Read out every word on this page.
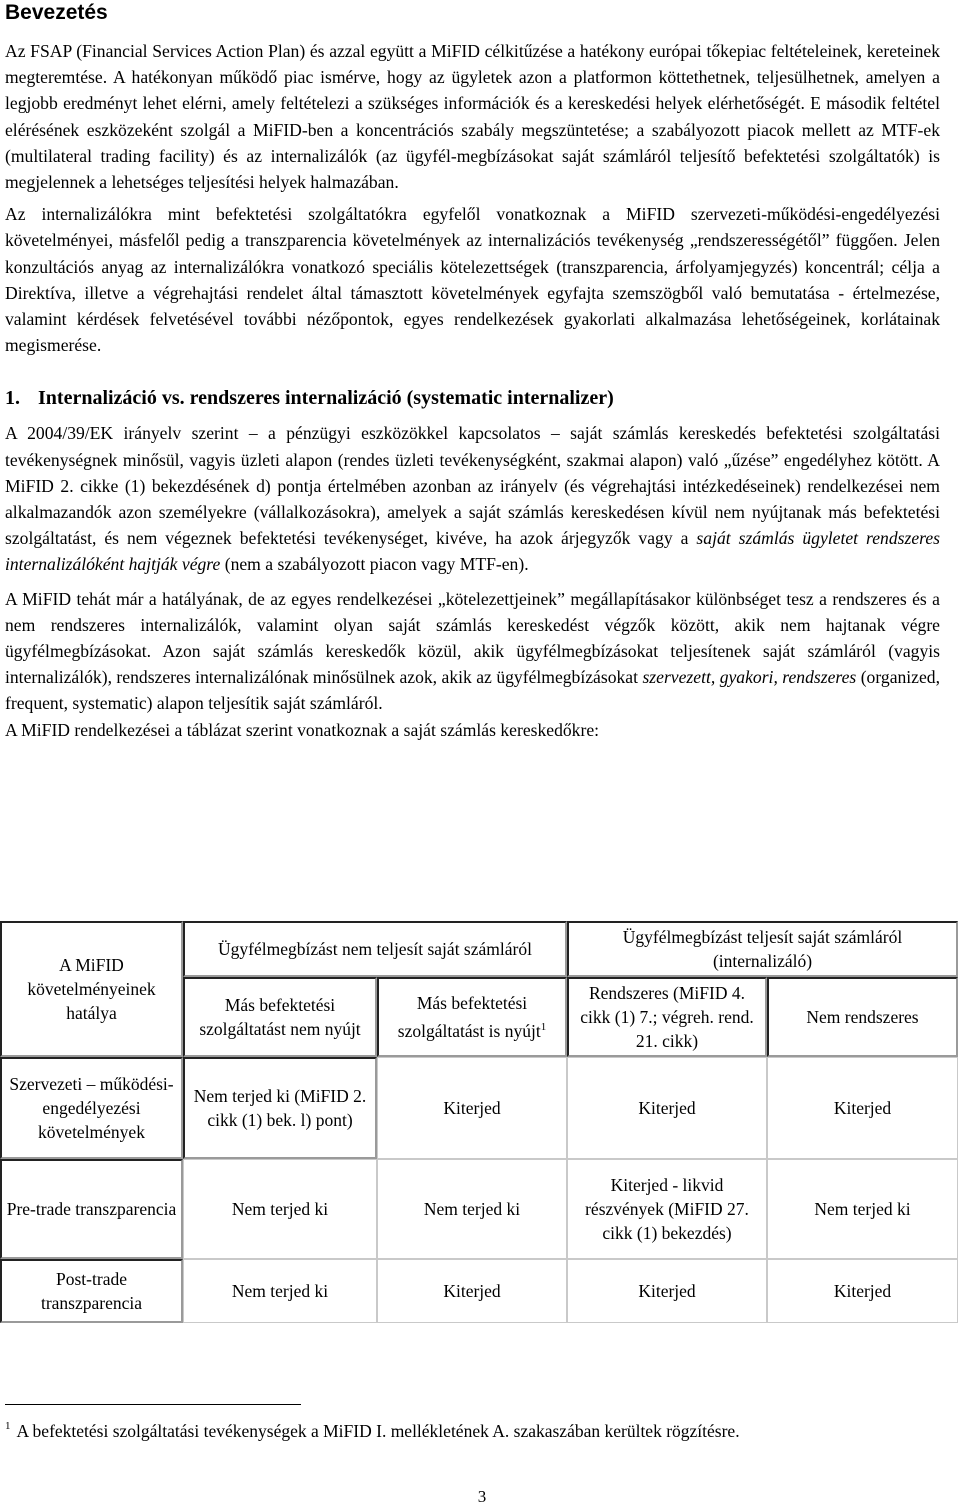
Bevezetés

Az FSAP (Financial Services Action Plan) és azzal együtt a MiFID célkitűzése a hatékony európai tőkepiac feltételeinek, kereteinek megteremtése. A hatékonyan működő piac ismérve, hogy az ügyletek azon a platformon köttethetnek, teljesülhetnek, amelyen a legjobb eredményt lehet elérni, amely feltételezi a szükséges információk és a kereskedési helyek elérhetőségét. E második feltétel elérésének eszközeként szolgál a MiFID-ben a koncentrációs szabály megszüntetése; a szabályozott piacok mellett az MTF-ek (multilateral trading facility) és az internalizálók (az ügyfél-megbízásokat saját számláról teljesítő befektetési szolgáltatók) is megjelennek a lehetséges teljesítési helyek halmazában.

Az internalizálókra mint befektetési szolgáltatókra egyfelől vonatkoznak a MiFID szervezeti-működési-engedélyezési követelményei, másfelől pedig a transzparencia követelmények az internalizációs tevékenység „rendszerességétől” függően. Jelen konzultációs anyag az internalizálókra vonatkozó speciális kötelezettségek (transzparencia, árfolyamjegyzés) koncentrál; célja a Direktíva, illetve a végrehajtási rendelet által támasztott követelmények egyfajta szemszögből való bemutatása - értelmezése, valamint kérdések felvetésével további nézőpontok, egyes rendelkezések gyakorlati alkalmazása lehetőségeinek, korlátainak megismerése.

1. Internalizáció vs. rendszeres internalizáció (systematic internalizer)

A 2004/39/EK irányelv szerint – a pénzügyi eszközökkel kapcsolatos – saját számlás kereskedés befektetési szolgáltatási tevékenységnek minősül, vagyis üzleti alapon (rendes üzleti tevékenységként, szakmai alapon) való „űzése” engedélyhez kötött. A MiFID 2. cikke (1) bekezdésének d) pontja értelmében azonban az irányelv (és végrehajtási intézkedéseinek) rendelkezései nem alkalmazandók azon személyekre (vállalkozásokra), amelyek a saját számlás kereskedésen kívül nem nyújtanak más befektetési szolgáltatást, és nem végeznek befektetési tevékenységet, kivéve, ha azok árjegyzők vagy a saját számlás ügyletet rendszeres internalizálóként hajtják végre (nem a szabályozott piacon vagy MTF-en).

A MiFID tehát már a hatályának, de az egyes rendelkezései „kötelezettjeinek” megállapításakor különbséget tesz a rendszeres és a nem rendszeres internalizálók, valamint olyan saját számlás kereskedést végzők között, akik nem hajtanak végre ügyfélmegbízásokat. Azon saját számlás kereskedők közül, akik ügyfélmegbízásokat teljesítenek saját számláról (vagyis internalizálók), rendszeres internalizálónak minősülnek azok, akik az ügyfélmegbízásokat szervezett, gyakori, rendszeres (organized, frequent, systematic) alapon teljesítik saját számláról.

A MiFID rendelkezései a táblázat szerint vonatkoznak a saját számlás kereskedőkre:

A MiFID követelményeinek hatálya	Ügyfélmegbízást nem teljesít saját számláról		Ügyfélmegbízást teljesít saját számláról (internalizáló)	
	Más befektetési szolgáltatást nem nyújt	Más befektetési szolgáltatást is nyújt$^1$	Rendszeres (MiFID 4. cikk (1) 7.; végreh. rend. 21. cikk)	Nem rendszeres
Szervezeti – működési-engedélyezési követelmények	Nem terjed ki (MiFID 2. cikk (1) bek. l) pont)	Kiterjed	Kiterjed	Kiterjed
Pre-trade transzparencia	Nem terjed ki	Nem terjed ki	Kiterjed - likvid részvények (MiFID 27. cikk (1) bekezdés)	Nem terjed ki
Post-trade transzparencia	Nem terjed ki	Kiterjed	Kiterjed	Kiterjed

$^1$ A befektetési szolgáltatási tevékenységek a MiFID I. mellékletének A. szakaszában kerültek rögzítésre.

3
